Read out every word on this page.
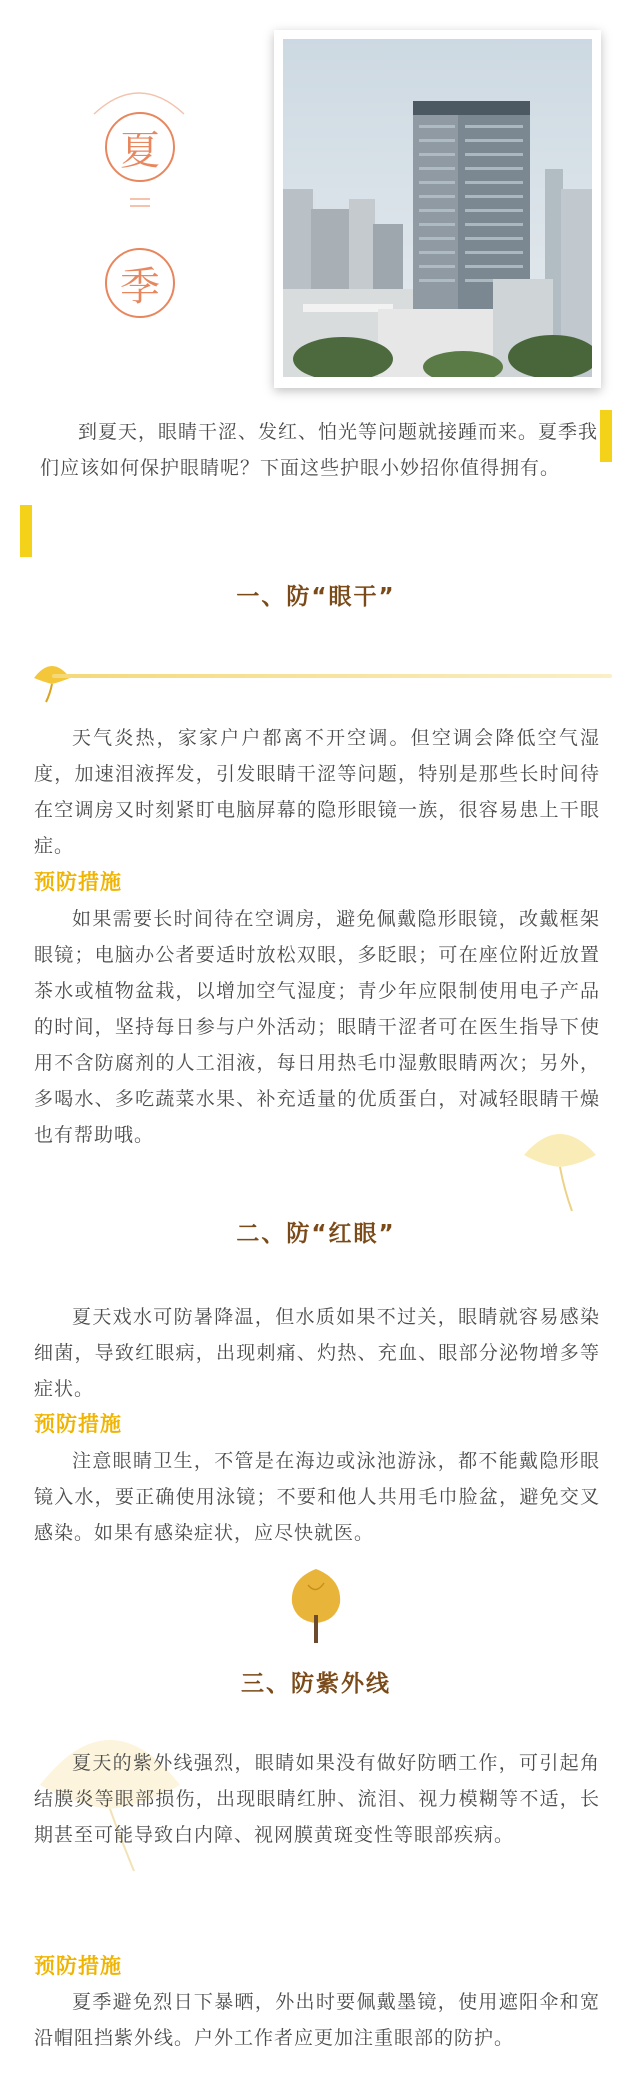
夏
季

到夏天，眼睛干涩、发红、怕光等问题就接踵而来。夏季我们应该如何保护眼睛呢？下面这些护眼小妙招你值得拥有。

一、防“眼干”

天气炎热，家家户户都离不开空调。但空调会降低空气湿度，加速泪液挥发，引发眼睛干涩等问题，特别是那些长时间待在空调房又时刻紧盯电脑屏幕的隐形眼镜一族，很容易患上干眼症。

预防措施

如果需要长时间待在空调房，避免佩戴隐形眼镜，改戴框架眼镜；电脑办公者要适时放松双眼，多眨眼；可在座位附近放置茶水或植物盆栽，以增加空气湿度；青少年应限制使用电子产品的时间，坚持每日参与户外活动；眼睛干涩者可在医生指导下使用不含防腐剂的人工泪液，每日用热毛巾湿敷眼睛两次；另外，多喝水、多吃蔬菜水果、补充适量的优质蛋白，对减轻眼睛干燥也有帮助哦。

二、防“红眼”

夏天戏水可防暑降温，但水质如果不过关，眼睛就容易感染细菌，导致红眼病，出现刺痛、灼热、充血、眼部分泌物增多等症状。

预防措施

注意眼睛卫生，不管是在海边或泳池游泳，都不能戴隐形眼镜入水，要正确使用泳镜；不要和他人共用毛巾脸盆，避免交叉感染。如果有感染症状，应尽快就医。

三、防紫外线

夏天的紫外线强烈，眼睛如果没有做好防晒工作，可引起角结膜炎等眼部损伤，出现眼睛红肿、流泪、视力模糊等不适，长期甚至可能导致白内障、视网膜黄斑变性等眼部疾病。

预防措施

夏季避免烈日下暴晒，外出时要佩戴墨镜，使用遮阳伞和宽沿帽阻挡紫外线。户外工作者应更加注重眼部的防护。
